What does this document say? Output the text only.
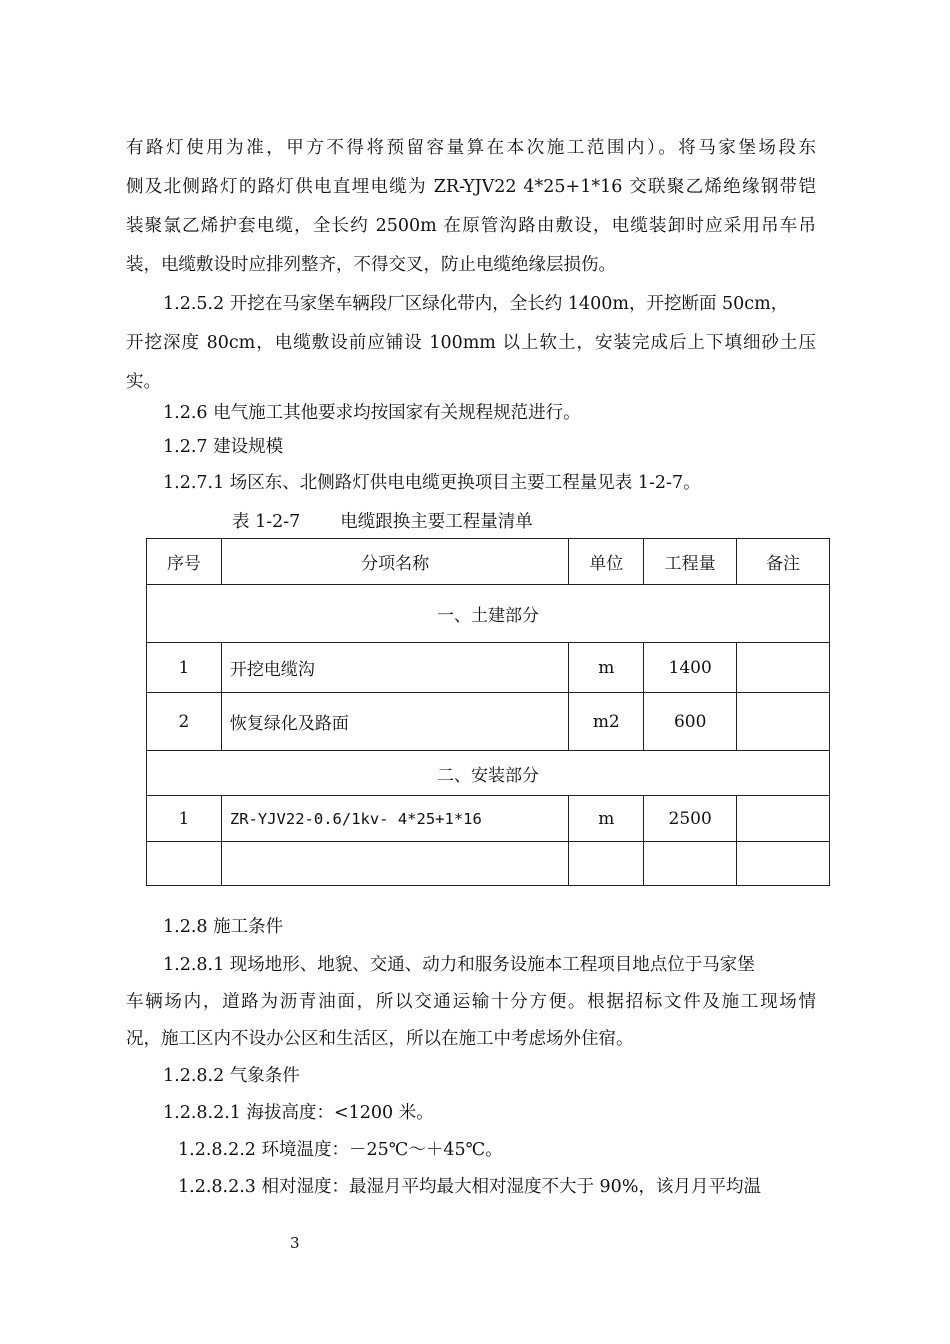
有路灯使用为准，甲方不得将预留容量算在本次施工范围内）。将马家堡场段东
侧及北侧路灯的路灯供电直埋电缆为 ZR-YJV22 4*25+1*16 交联聚乙烯绝缘钢带铠
装聚氯乙烯护套电缆，全长约 2500m 在原管沟路由敷设，电缆装卸时应采用吊车吊
装，电缆敷设时应排列整齐，不得交叉，防止电缆绝缘层损伤。
1.2.5.2 开挖在马家堡车辆段厂区绿化带内，全长约 1400m，开挖断面 50cm，
开挖深度 80cm，电缆敷设前应铺设 100mm 以上软土，安装完成后上下填细砂土压
实。
1.2.6 电气施工其他要求均按国家有关规程规范进行。
1.2.7 建设规模
1.2.7.1 场区东、北侧路灯供电电缆更换项目主要工程量见表 1-2-7。
表 1-2-7 电缆跟换主要工程量清单
序号	分项名称	单位	工程量	备注
一、土建部分				
1	开挖电缆沟	m	1400	
2	恢复绿化及路面	m2	600	
二、安装部分				
1	ZR-YJV22-0.6/1kv- 4*25+1*16	m	2500	

1.2.8 施工条件
1.2.8.1 现场地形、地貌、交通、动力和服务设施本工程项目地点位于马家堡
车辆场内，道路为沥青油面，所以交通运输十分方便。根据招标文件及施工现场情
况，施工区内不设办公区和生活区，所以在施工中考虑场外住宿。
1.2.8.2 气象条件
1.2.8.2.1 海拔高度：<1200 米。
1.2.8.2.2 环境温度：－25℃～＋45℃。
1.2.8.2.3 相对湿度：最湿月平均最大相对湿度不大于 90%，该月月平均温
3
